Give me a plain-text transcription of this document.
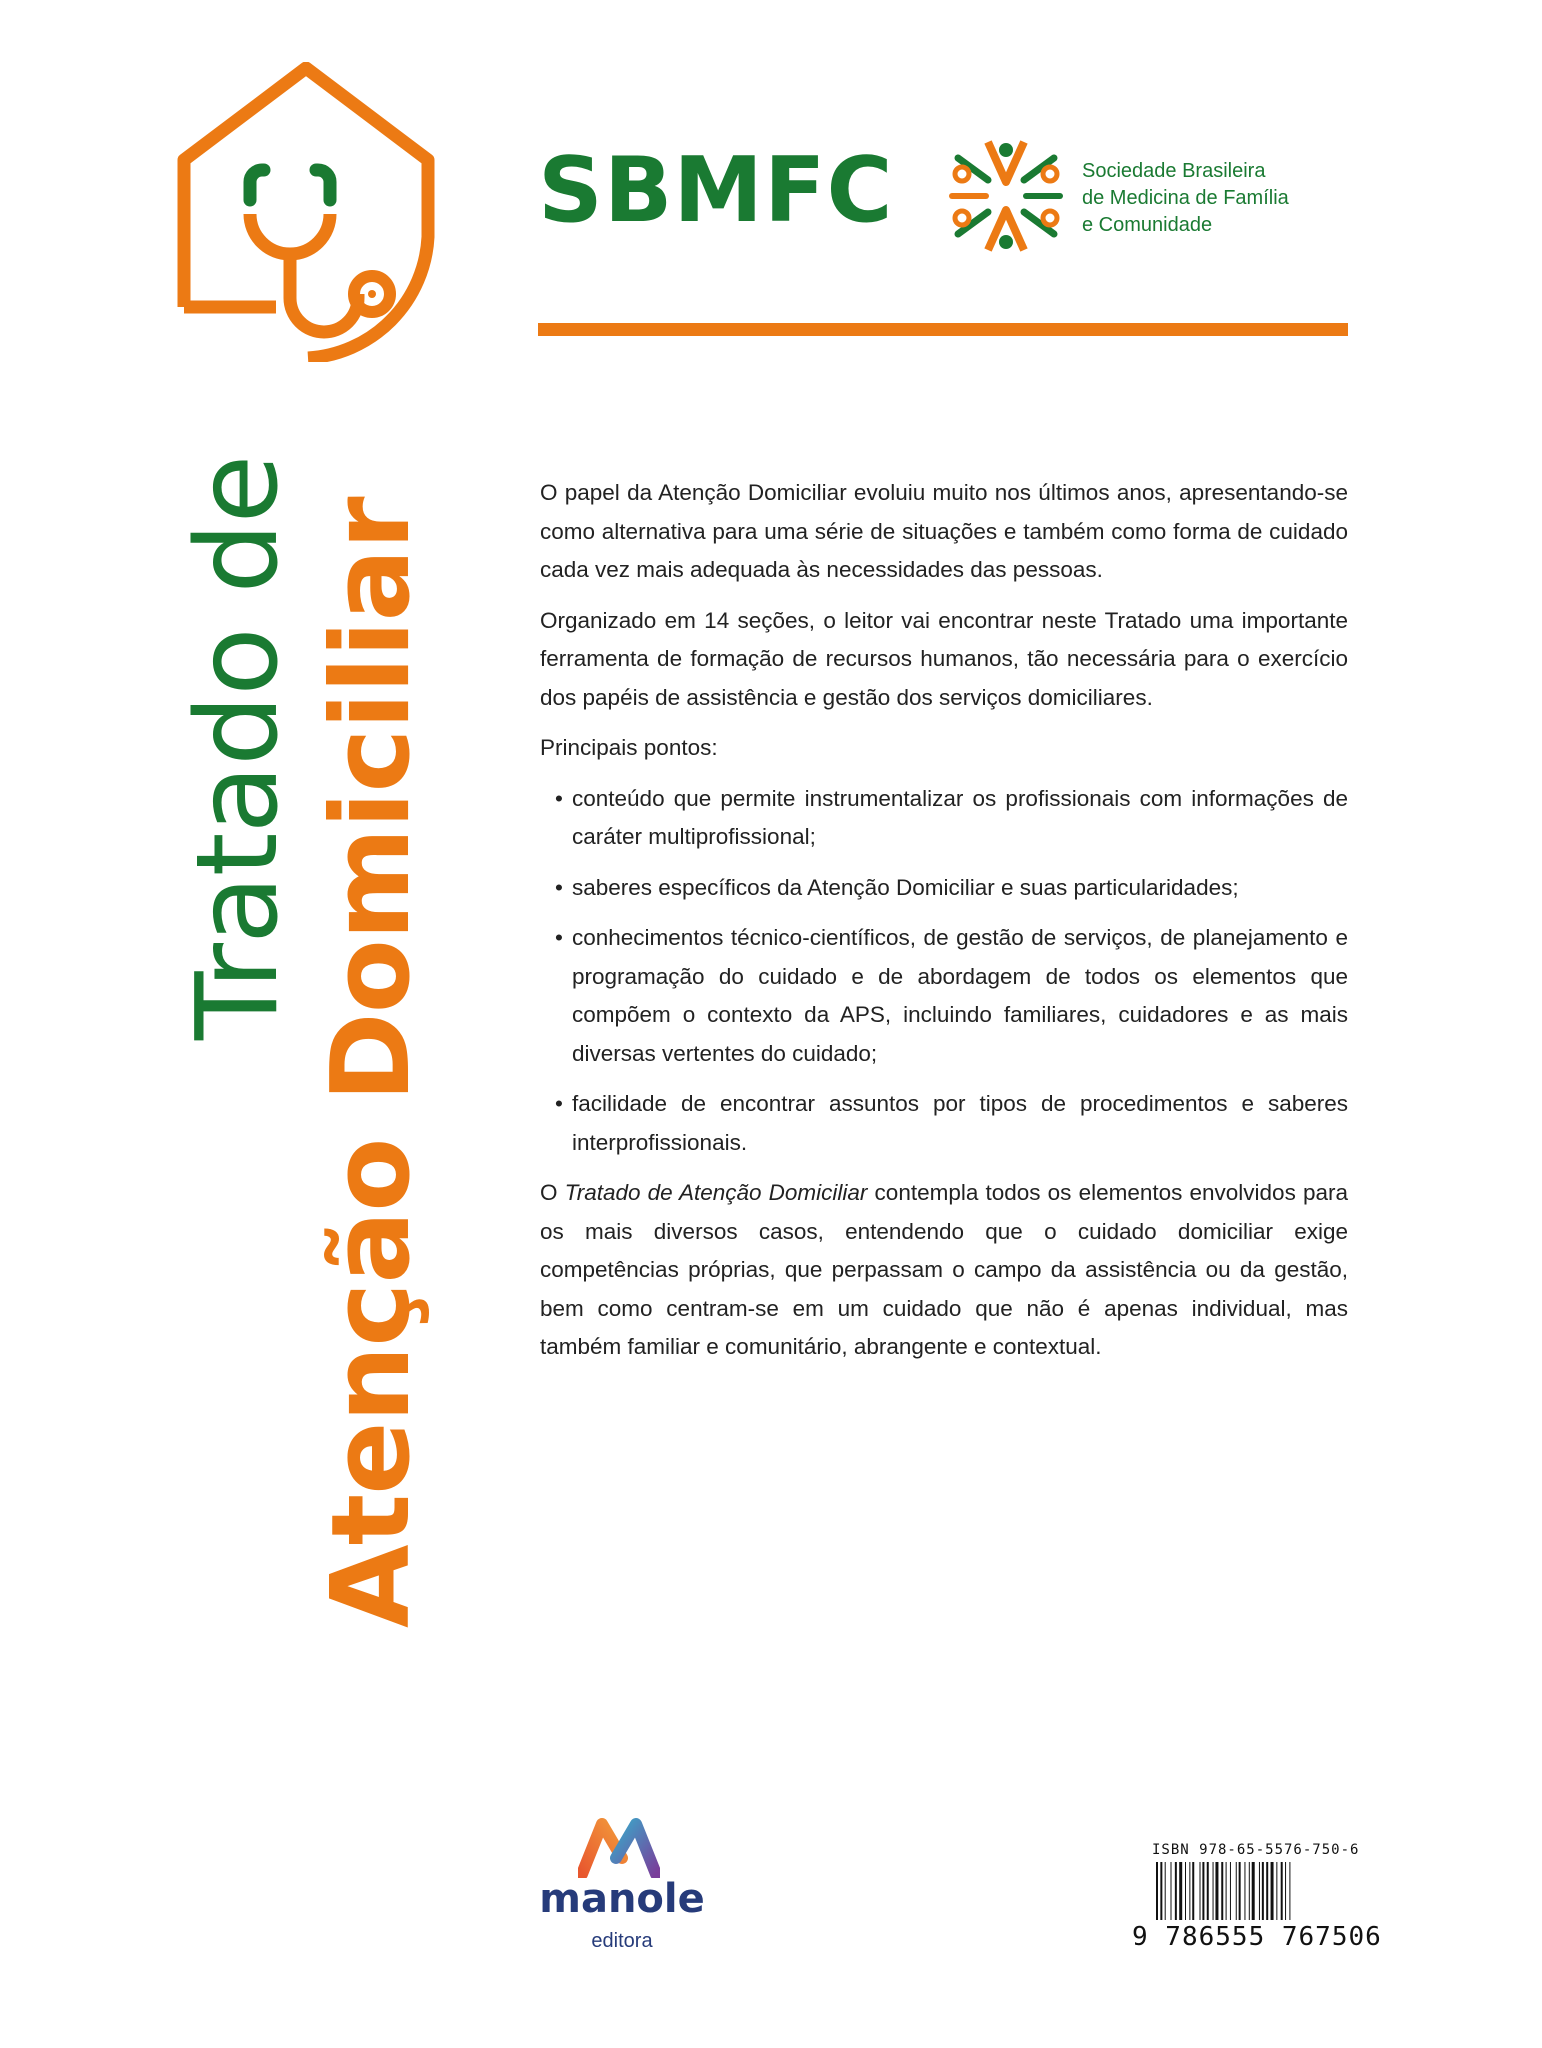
SBMFC	Sociedade Brasileira
de Medicina de Família
e Comunidade
Tratado de Atenção Domiciliar

O papel da Atenção Domiciliar evoluiu muito nos últimos anos, apresentando-se como alternativa para uma série de situações e também como forma de cuidado cada vez mais adequada às necessidades das pessoas.

Organizado em 14 seções, o leitor vai encontrar neste Tratado uma importante ferramenta de formação de recursos humanos, tão necessária para o exercício dos papéis de assistência e gestão dos serviços domiciliares.

Principais pontos:

• conteúdo que permite instrumentalizar os profissionais com informações de caráter multiprofissional;
• saberes específicos da Atenção Domiciliar e suas particularidades;
• conhecimentos técnico-científicos, de gestão de serviços, de planejamento e programação do cuidado e de abordagem de todos os elementos que compõem o contexto da APS, incluindo familiares, cuidadores e as mais diversas vertentes do cuidado;
• facilidade de encontrar assuntos por tipos de procedimentos e saberes interprofissionais.

O Tratado de Atenção Domiciliar contempla todos os elementos envolvidos para os mais diversos casos, entendendo que o cuidado domiciliar exige competências próprias, que perpassam o campo da assistência ou da gestão, bem como centram-se em um cuidado que não é apenas individual, mas também familiar e comunitário, abrangente e contextual.

manole
editora
ISBN 978-65-5576-750-6
9 786555 767506
